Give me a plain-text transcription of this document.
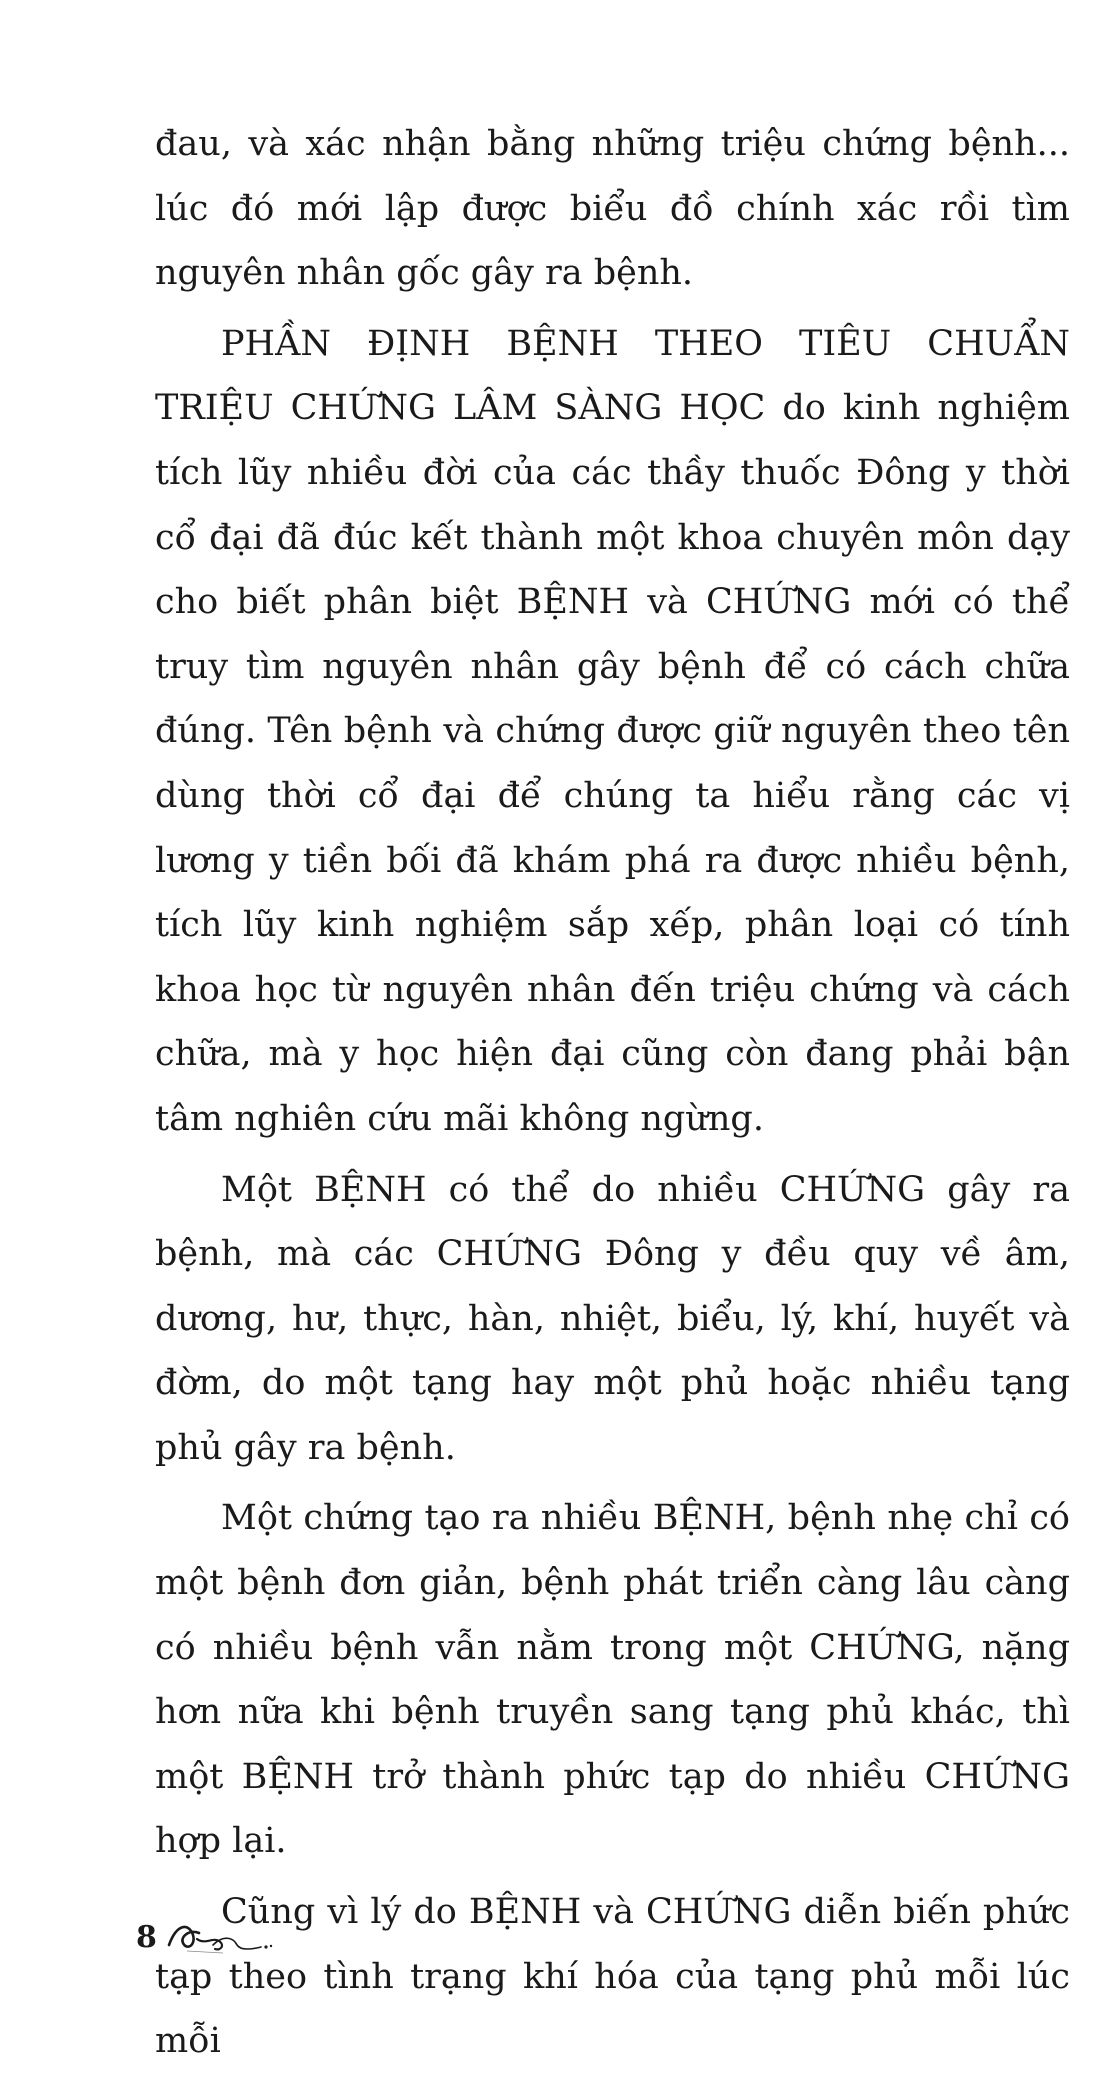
đau, và xác nhận bằng những triệu chứng bệnh... lúc đó mới lập được biểu đồ chính xác rồi tìm nguyên nhân gốc gây ra bệnh.

PHẦN ĐỊNH BỆNH THEO TIÊU CHUẨN TRIỆU CHỨNG LÂM SÀNG HỌC do kinh nghiệm tích lũy nhiều đời của các thầy thuốc Đông y thời cổ đại đã đúc kết thành một khoa chuyên môn dạy cho biết phân biệt BỆNH và CHỨNG mới có thể truy tìm nguyên nhân gây bệnh để có cách chữa đúng. Tên bệnh và chứng được giữ nguyên theo tên dùng thời cổ đại để chúng ta hiểu rằng các vị lương y tiền bối đã khám phá ra được nhiều bệnh, tích lũy kinh nghiệm sắp xếp, phân loại có tính khoa học từ nguyên nhân đến triệu chứng và cách chữa, mà y học hiện đại cũng còn đang phải bận tâm nghiên cứu mãi không ngừng.

Một BỆNH có thể do nhiều CHỨNG gây ra bệnh, mà các CHỨNG Đông y đều quy về âm, dương, hư, thực, hàn, nhiệt, biểu, lý, khí, huyết và đờm, do một tạng hay một phủ hoặc nhiều tạng phủ gây ra bệnh.

Một chứng tạo ra nhiều BỆNH, bệnh nhẹ chỉ có một bệnh đơn giản, bệnh phát triển càng lâu càng có nhiều bệnh vẫn nằm trong một CHỨNG, nặng hơn nữa khi bệnh truyền sang tạng phủ khác, thì một BỆNH trở thành phức tạp do nhiều CHỨNG hợp lại.

Cũng vì lý do BỆNH và CHỨNG diễn biến phức tạp theo tình trạng khí hóa của tạng phủ mỗi lúc mỗi

8
